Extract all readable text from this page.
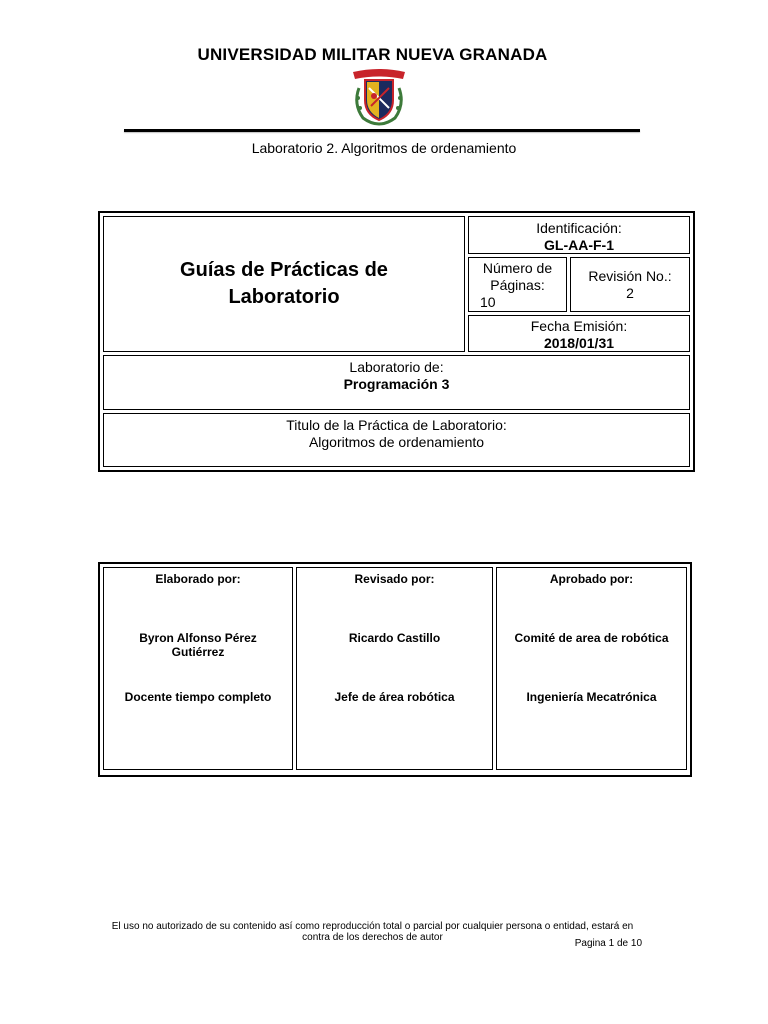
UNIVERSIDAD MILITAR NUEVA GRANADA
Laboratorio 2. Algoritmos de ordenamiento
Guías de Prácticas de
Laboratorio
Identificación:
GL-AA-F-1
Número de
Páginas:
10
Revisión No.:
2
Fecha Emisión:
2018/01/31
Laboratorio de:
Programación 3
Titulo de la Práctica de Laboratorio:
Algoritmos de ordenamiento
Elaborado por:
Byron Alfonso Pérez
Gutiérrez
Docente tiempo completo
Revisado por:
Ricardo Castillo
Jefe de área robótica
Aprobado por:
Comité de area de robótica
Ingeniería Mecatrónica
El uso no autorizado de su contenido así como reproducción total o parcial por cualquier persona o entidad, estará en
contra de los derechos de autor
Pagina 1 de 10
